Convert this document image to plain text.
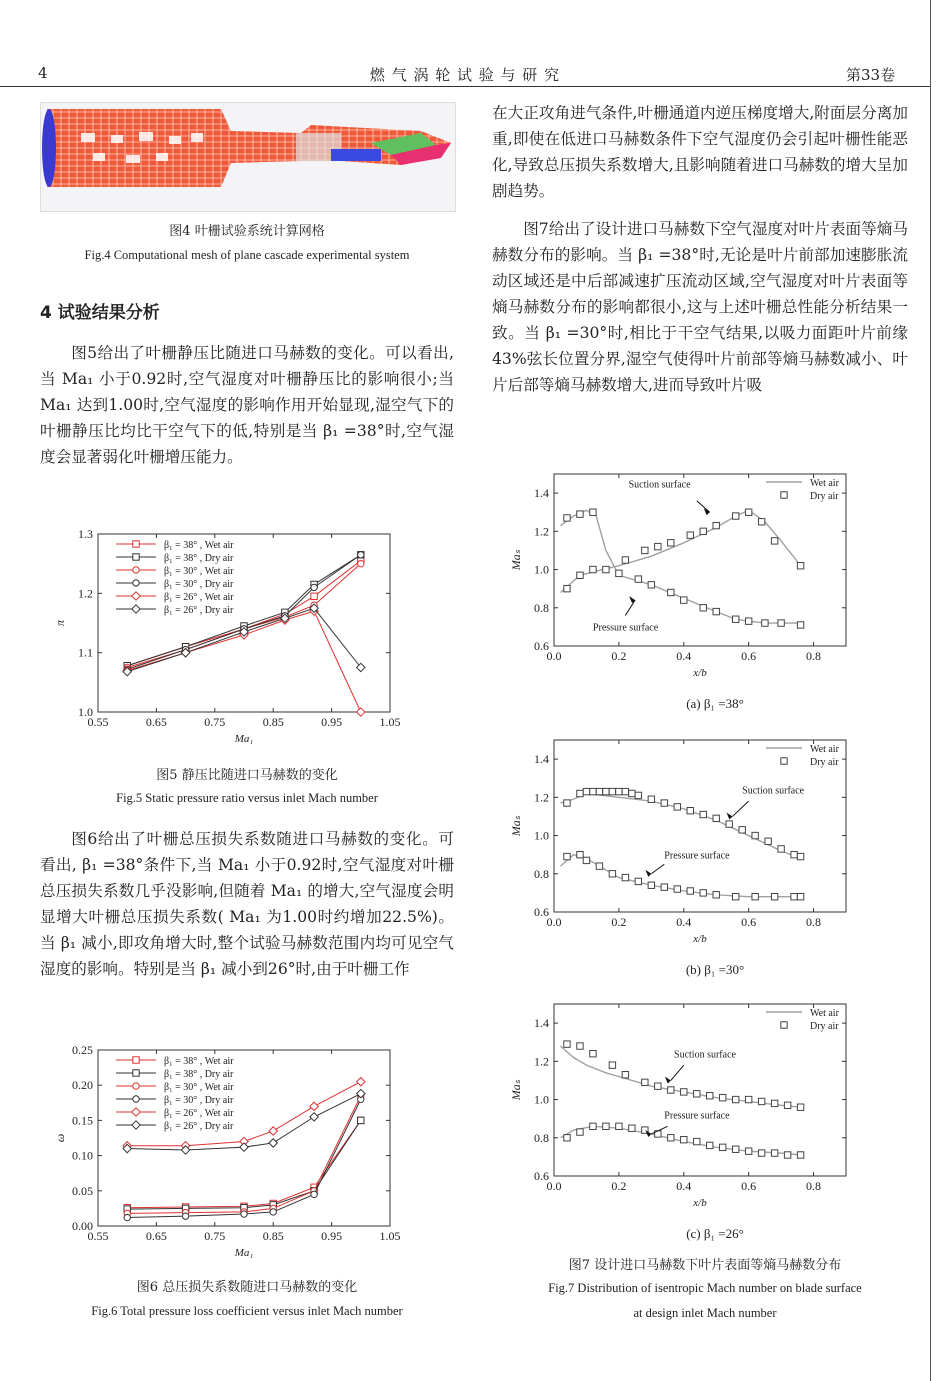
4	燃 气 涡 轮 试 验 与 研 究	第33卷
图4 叶栅试验系统计算网格
Fig.4 Computational mesh of plane cascade experimental system
4 试验结果分析

图5给出了叶栅静压比随进口马赫数的变化。可以看出,当 Ma₁ 小于0.92时,空气湿度对叶栅静压比的影响很小;当 Ma₁ 达到1.00时,空气湿度的影响作用开始显现,湿空气下的叶栅静压比均比干空气下的低,特别是当 β₁ =38°时,空气湿度会显著弱化叶栅增压能力。

0.55	0.65	0.75	0.85	0.95	1.05
1.0
1.1
1.2
1.3
Ma₁
π
β₁ = 38° , Wet air
β₁ = 38° , Dry air
β₁ = 30° , Wet air
β₁ = 30° , Dry air
β₁ = 26° , Wet air
β₁ = 26° , Dry air
图5 静压比随进口马赫数的变化
Fig.5 Static pressure ratio versus inlet Mach number

图6给出了叶栅总压损失系数随进口马赫数的变化。可看出, β₁ =38°条件下,当 Ma₁ 小于0.92时,空气湿度对叶栅总压损失系数几乎没影响,但随着 Ma₁ 的增大,空气湿度会明显增大叶栅总压损失系数( Ma₁ 为1.00时约增加22.5%)。当 β₁ 减小,即攻角增大时,整个试验马赫数范围内均可见空气湿度的影响。特别是当 β₁ 减小到26°时,由于叶栅工作

0.55	0.65	0.75	0.85	0.95	1.05
0.00
0.05
0.10
0.15
0.20
0.25
Ma₁
ω
β₁ = 38° , Wet air
β₁ = 38° , Dry air
β₁ = 30° , Wet air
β₁ = 30° , Dry air
β₁ = 26° , Wet air
β₁ = 26° , Dry air
图6 总压损失系数随进口马赫数的变化
Fig.6 Total pressure loss coefficient versus inlet Mach number

在大正攻角进气条件,叶栅通道内逆压梯度增大,附面层分离加重,即使在低进口马赫数条件下空气湿度仍会引起叶栅性能恶化,导致总压损失系数增大,且影响随着进口马赫数的增大呈加剧趋势。

图7给出了设计进口马赫数下空气湿度对叶片表面等熵马赫数分布的影响。当 β₁ =38°时,无论是叶片前部加速膨胀流动区域还是中后部减速扩压流动区域,空气湿度对叶片表面等熵马赫数分布的影响都很小,这与上述叶栅总性能分析结果一致。当 β₁ =30°时,相比于干空气结果,以吸力面距叶片前缘43%弦长位置分界,湿空气使得叶片前部等熵马赫数减小、叶片后部等熵马赫数增大,进而导致叶片吸

0.0	0.2	0.4	0.6	0.8
0.6
0.8
1.0
1.2
1.4
x/b
Maₛ
Wet air
Dry air
Suction surface
Pressure surface
(a) β₁ =38°
0.0	0.2	0.4	0.6	0.8
0.6
0.8
1.0
1.2
1.4
x/b
Maₛ
Wet air
Dry air
Suction surface
Pressure surface
(b) β₁ =30°
0.0	0.2	0.4	0.6	0.8
0.6
0.8
1.0
1.2
1.4
x/b
Maₛ
Wet air
Dry air
Suction surface
Pressure surface
(c) β₁ =26°
图7 设计进口马赫数下叶片表面等熵马赫数分布
Fig.7 Distribution of isentropic Mach number on blade surface
at design inlet Mach number
